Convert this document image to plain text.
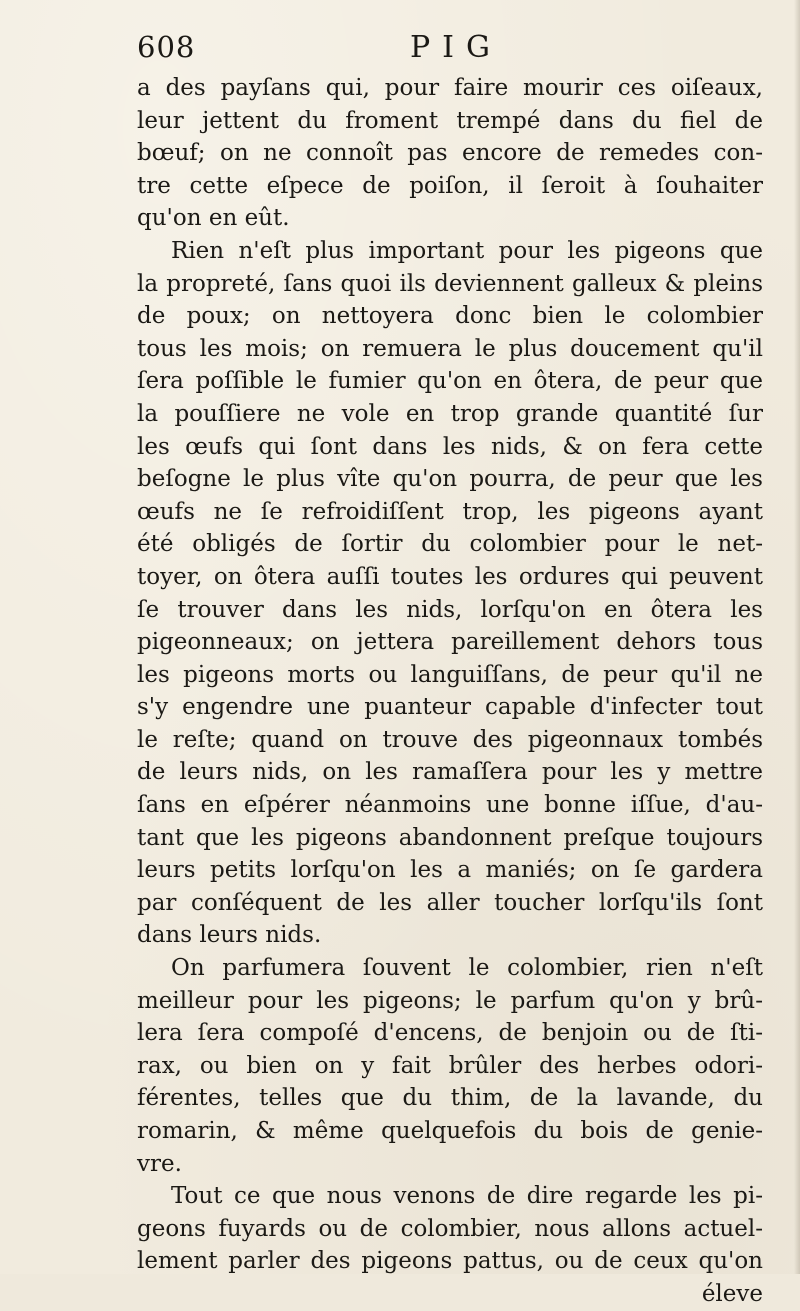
608	PIG
a des payſans qui, pour faire mourir ces oiſeaux,
leur jettent du froment trempé dans du fiel de
bœuf; on ne connoît pas encore de remedes con-
tre cette eſpece de poiſon, il ſeroit à ſouhaiter
qu'on en eût.
Rien n'eſt plus important pour les pigeons que
la propreté, ſans quoi ils deviennent galleux & pleins
de poux; on nettoyera donc bien le colombier
tous les mois; on remuera le plus doucement qu'il
ſera poſſible le fumier qu'on en ôtera, de peur que
la pouſſiere ne vole en trop grande quantité ſur
les œufs qui ſont dans les nids, & on fera cette
beſogne le plus vîte qu'on pourra, de peur que les
œufs ne ſe refroidiſſent trop, les pigeons ayant
été obligés de ſortir du colombier pour le net-
toyer, on ôtera auſſi toutes les ordures qui peuvent
ſe trouver dans les nids, lorſqu'on en ôtera les
pigeonneaux; on jettera pareillement dehors tous
les pigeons morts ou languiſſans, de peur qu'il ne
s'y engendre une puanteur capable d'infecter tout
le reſte; quand on trouve des pigeonnaux tombés
de leurs nids, on les ramaſſera pour les y mettre
ſans en eſpérer néanmoins une bonne iſſue, d'au-
tant que les pigeons abandonnent preſque toujours
leurs petits lorſqu'on les a maniés; on ſe gardera
par conſéquent de les aller toucher lorſqu'ils ſont
dans leurs nids.
On parfumera ſouvent le colombier, rien n'eſt
meilleur pour les pigeons; le parfum qu'on y brû-
lera ſera compoſé d'encens, de benjoin ou de ſti-
rax, ou bien on y fait brûler des herbes odori-
férentes, telles que du thim, de la lavande, du
romarin, & même quelquefois du bois de genie-
vre.
Tout ce que nous venons de dire regarde les pi-
geons fuyards ou de colombier, nous allons actuel-
lement parler des pigeons pattus, ou de ceux qu'on
éleve
